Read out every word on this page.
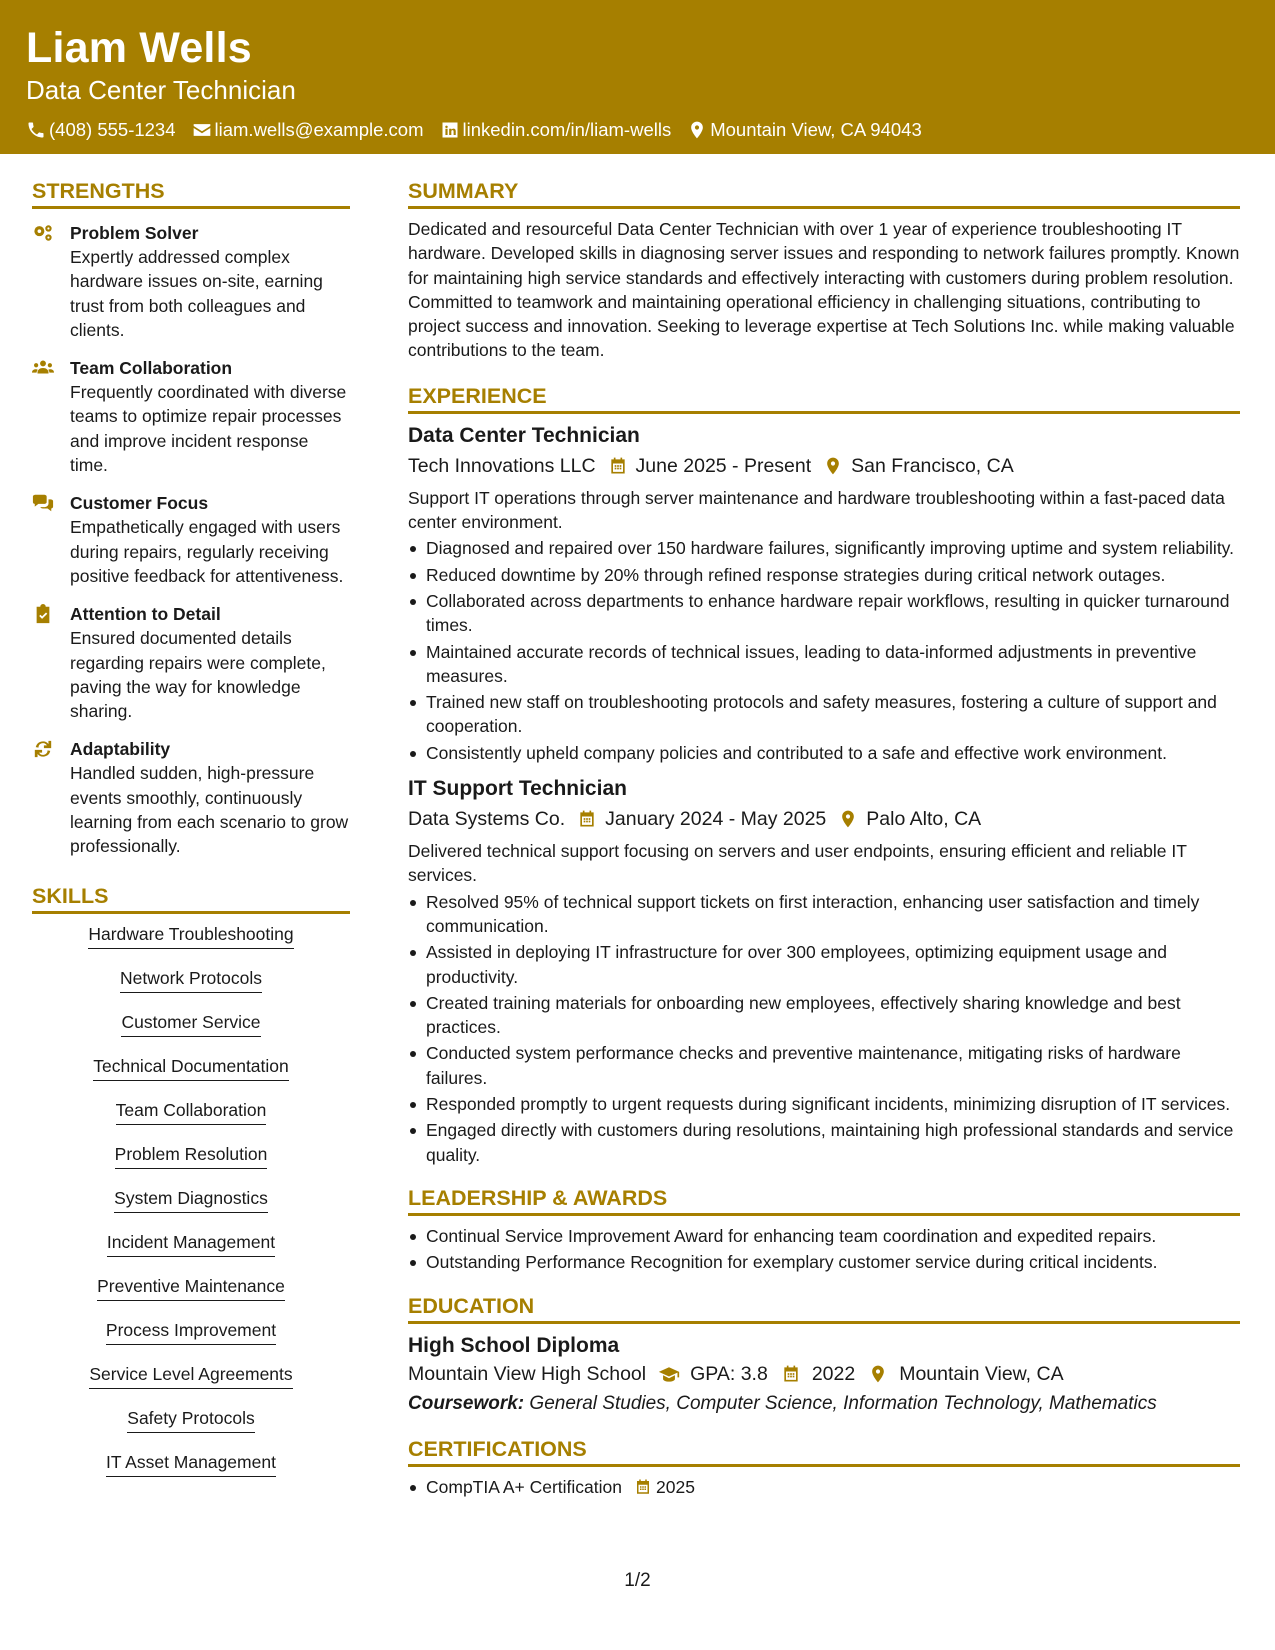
Liam Wells
Data Center Technician
(408) 555-1234 liam.wells@example.com linkedin.com/in/liam-wells Mountain View, CA 94043
STRENGTHS
Problem Solver
Expertly addressed complex hardware issues on-site, earning trust from both colleagues and clients.
Team Collaboration
Frequently coordinated with diverse teams to optimize repair processes and improve incident response time.
Customer Focus
Empathetically engaged with users during repairs, regularly receiving positive feedback for attentiveness.
Attention to Detail
Ensured documented details regarding repairs were complete, paving the way for knowledge sharing.
Adaptability
Handled sudden, high-pressure events smoothly, continuously learning from each scenario to grow professionally.
SKILLS
Hardware Troubleshooting
Network Protocols
Customer Service
Technical Documentation
Team Collaboration
Problem Resolution
System Diagnostics
Incident Management
Preventive Maintenance
Process Improvement
Service Level Agreements
Safety Protocols
IT Asset Management
SUMMARY
Dedicated and resourceful Data Center Technician with over 1 year of experience troubleshooting IT hardware. Developed skills in diagnosing server issues and responding to network failures promptly. Known for maintaining high service standards and effectively interacting with customers during problem resolution. Committed to teamwork and maintaining operational efficiency in challenging situations, contributing to project success and innovation. Seeking to leverage expertise at Tech Solutions Inc. while making valuable contributions to the team.
EXPERIENCE
Data Center Technician
Tech Innovations LLC June 2025 - Present San Francisco, CA
Support IT operations through server maintenance and hardware troubleshooting within a fast-paced data center environment.
Diagnosed and repaired over 150 hardware failures, significantly improving uptime and system reliability.
Reduced downtime by 20% through refined response strategies during critical network outages.
Collaborated across departments to enhance hardware repair workflows, resulting in quicker turnaround times.
Maintained accurate records of technical issues, leading to data-informed adjustments in preventive measures.
Trained new staff on troubleshooting protocols and safety measures, fostering a culture of support and cooperation.
Consistently upheld company policies and contributed to a safe and effective work environment.
IT Support Technician
Data Systems Co. January 2024 - May 2025 Palo Alto, CA
Delivered technical support focusing on servers and user endpoints, ensuring efficient and reliable IT services.
Resolved 95% of technical support tickets on first interaction, enhancing user satisfaction and timely communication.
Assisted in deploying IT infrastructure for over 300 employees, optimizing equipment usage and productivity.
Created training materials for onboarding new employees, effectively sharing knowledge and best practices.
Conducted system performance checks and preventive maintenance, mitigating risks of hardware failures.
Responded promptly to urgent requests during significant incidents, minimizing disruption of IT services.
Engaged directly with customers during resolutions, maintaining high professional standards and service quality.
LEADERSHIP & AWARDS
Continual Service Improvement Award for enhancing team coordination and expedited repairs.
Outstanding Performance Recognition for exemplary customer service during critical incidents.
EDUCATION
High School Diploma
Mountain View High School GPA: 3.8 2022 Mountain View, CA
Coursework: General Studies, Computer Science, Information Technology, Mathematics
CERTIFICATIONS
CompTIA A+ Certification 2025
1/2
